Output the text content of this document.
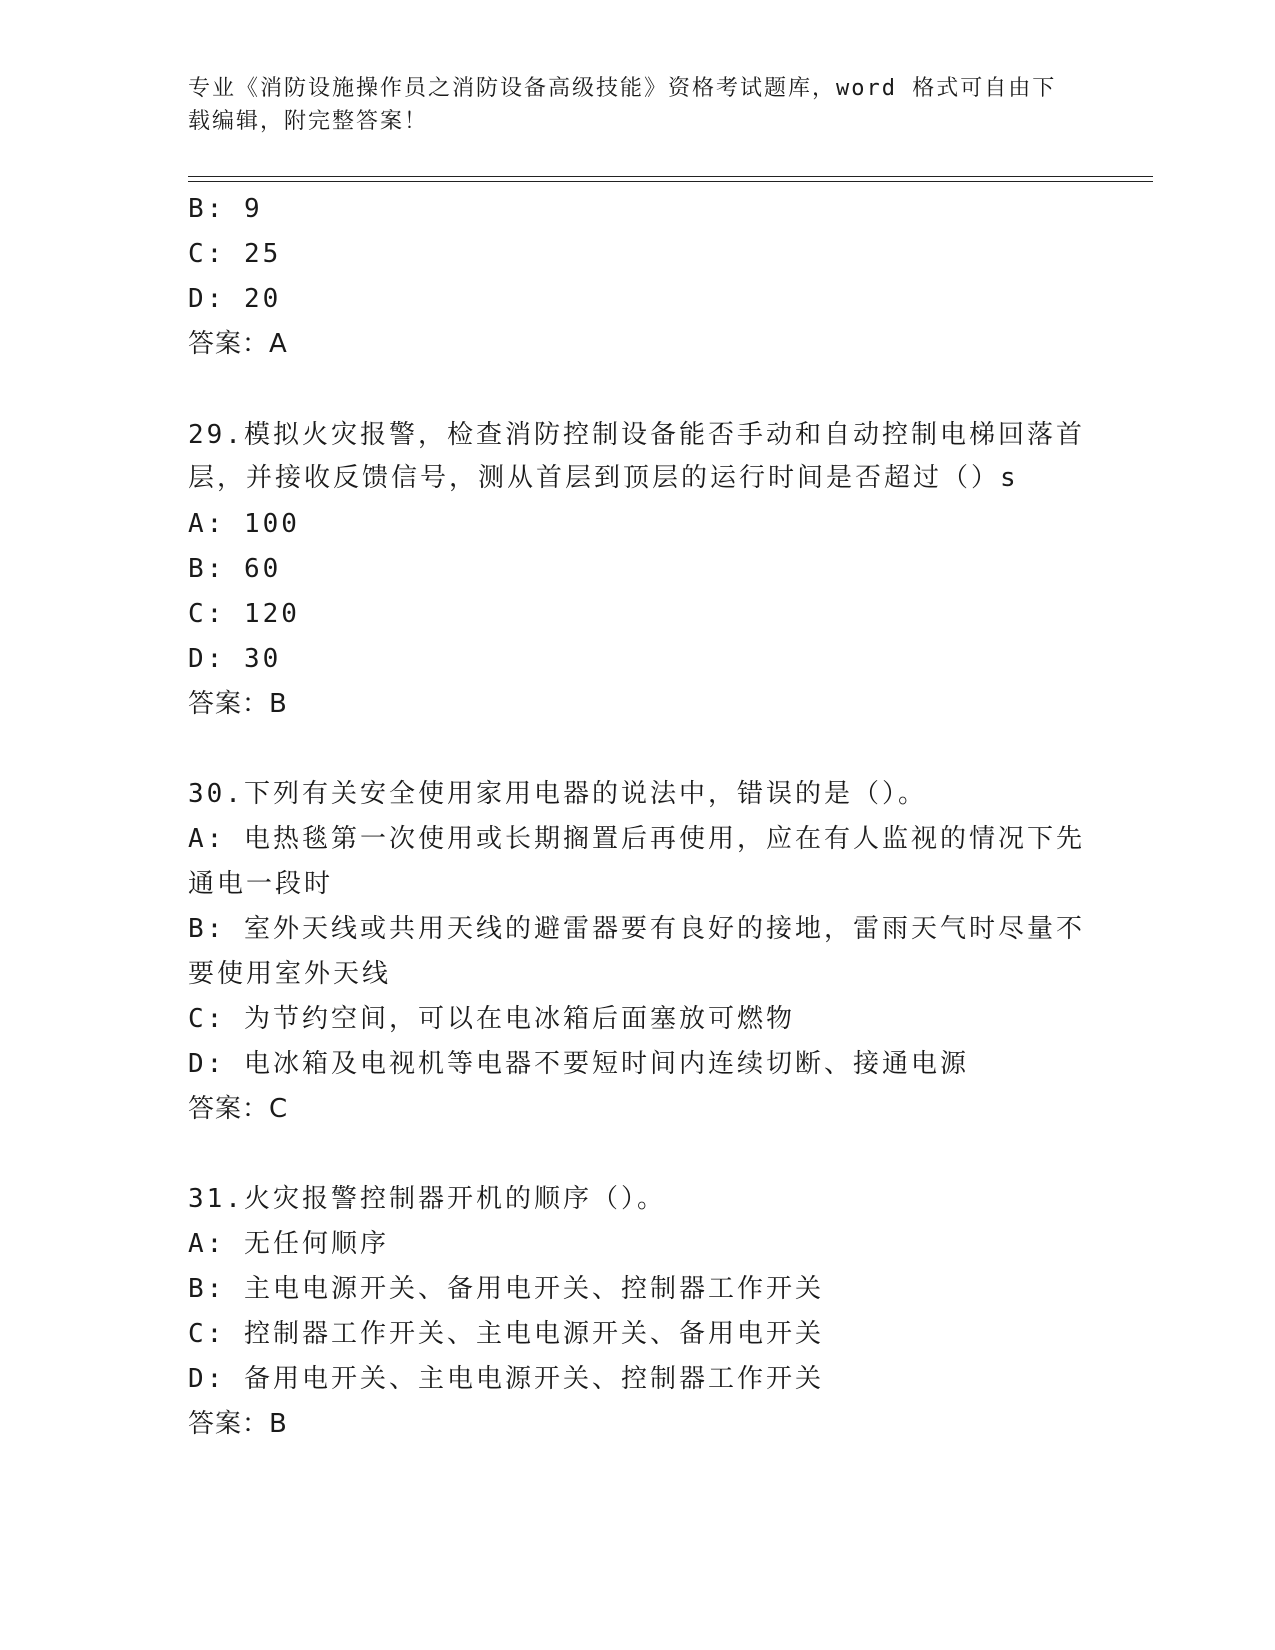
专业《消防设施操作员之消防设备高级技能》资格考试题库，word 格式可自由下
载编辑，附完整答案！
B: 9
C: 25
D: 20
答案：A
29.模拟火灾报警，检查消防控制设备能否手动和自动控制电梯回落首
层，并接收反馈信号，测从首层到顶层的运行时间是否超过（）s
A: 100
B: 60
C: 120
D: 30
答案：B
30.下列有关安全使用家用电器的说法中，错误的是（）。
A: 电热毯第一次使用或长期搁置后再使用，应在有人监视的情况下先
通电一段时
B: 室外天线或共用天线的避雷器要有良好的接地，雷雨天气时尽量不
要使用室外天线
C: 为节约空间，可以在电冰箱后面塞放可燃物
D: 电冰箱及电视机等电器不要短时间内连续切断、接通电源
答案：C
31.火灾报警控制器开机的顺序（）。
A: 无任何顺序
B: 主电电源开关、备用电开关、控制器工作开关
C: 控制器工作开关、主电电源开关、备用电开关
D: 备用电开关、主电电源开关、控制器工作开关
答案：B
